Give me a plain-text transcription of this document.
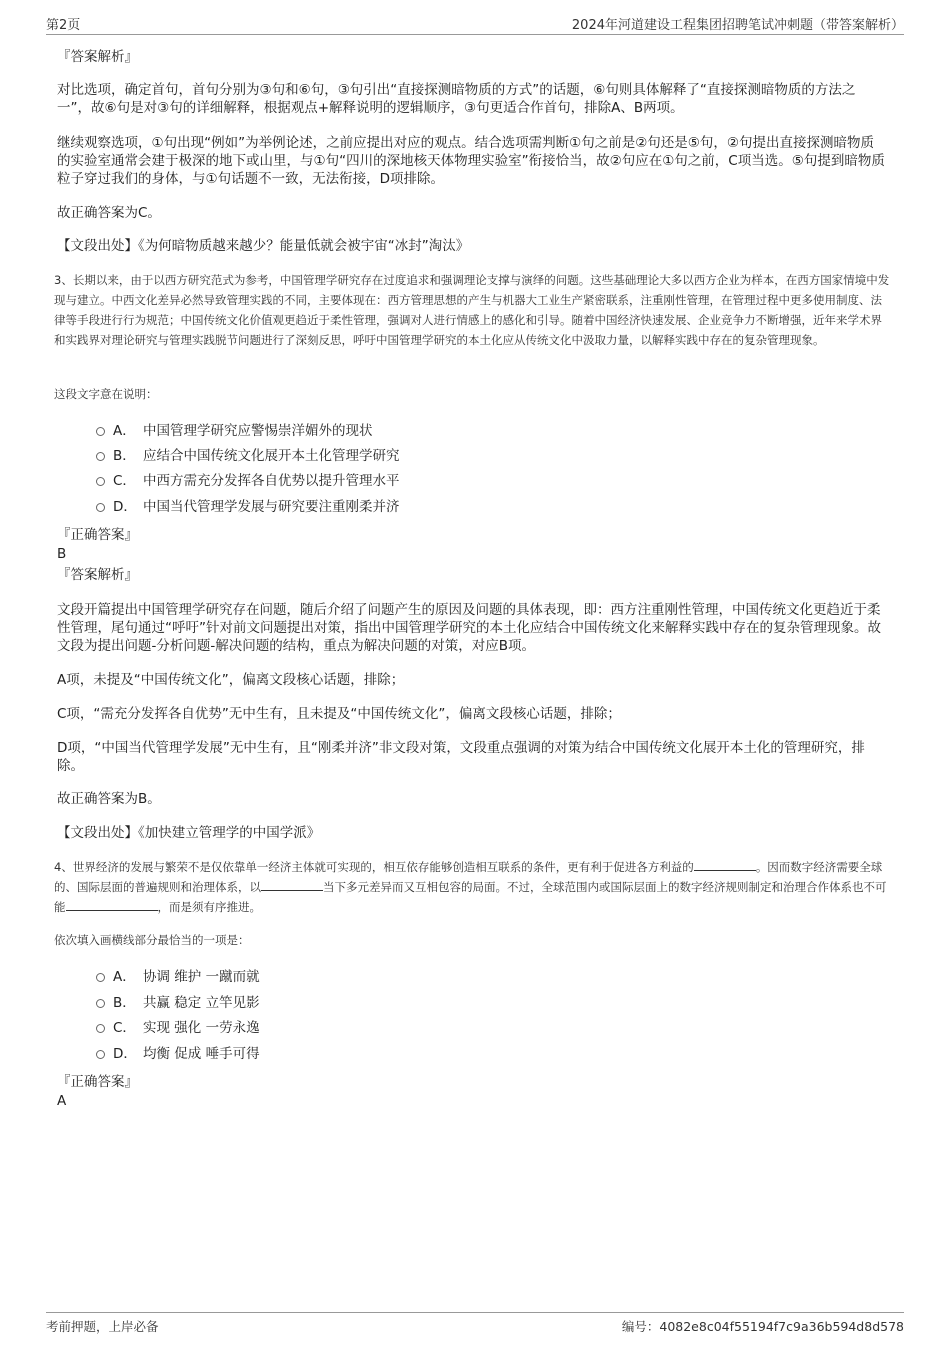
第2页	2024年河道建设工程集团招聘笔试冲刺题（带答案解析）
『答案解析』
对比选项，确定首句，首句分别为③句和⑥句，③句引出“直接探测暗物质的方式”的话题，⑥句则具体解释了“直接探测暗物质的方法之一”，故⑥句是对③句的详细解释，根据观点+解释说明的逻辑顺序，③句更适合作首句，排除A、B两项。
继续观察选项，①句出现“例如”为举例论述，之前应提出对应的观点。结合选项需判断①句之前是②句还是⑤句，②句提出直接探测暗物质的实验室通常会建于极深的地下或山里，与①句“四川的深地核天体物理实验室”衔接恰当，故②句应在①句之前，C项当选。⑤句提到暗物质粒子穿过我们的身体，与①句话题不一致，无法衔接，D项排除。
故正确答案为C。
【文段出处】《为何暗物质越来越少？能量低就会被宇宙“冰封”淘汰》
3、长期以来，由于以西方研究范式为参考，中国管理学研究存在过度追求和强调理论支撑与演绎的问题。这些基础理论大多以西方企业为样本，在西方国家情境中发现与建立。中西文化差异必然导致管理实践的不同，主要体现在：西方管理思想的产生与机器大工业生产紧密联系，注重刚性管理，在管理过程中更多使用制度、法律等手段进行行为规范；中国传统文化价值观更趋近于柔性管理，强调对人进行情感上的感化和引导。随着中国经济快速发展、企业竞争力不断增强，近年来学术界和实践界对理论研究与管理实践脱节问题进行了深刻反思，呼吁中国管理学研究的本土化应从传统文化中汲取力量，以解释实践中存在的复杂管理现象。
这段文字意在说明：
A． 中国管理学研究应警惕崇洋媚外的现状
B． 应结合中国传统文化展开本土化管理学研究
C． 中西方需充分发挥各自优势以提升管理水平
D． 中国当代管理学发展与研究要注重刚柔并济
『正确答案』
B
『答案解析』
文段开篇提出中国管理学研究存在问题，随后介绍了问题产生的原因及问题的具体表现，即：西方注重刚性管理，中国传统文化更趋近于柔性管理，尾句通过“呼吁”针对前文问题提出对策，指出中国管理学研究的本土化应结合中国传统文化来解释实践中存在的复杂管理现象。故文段为提出问题-分析问题-解决问题的结构，重点为解决问题的对策，对应B项。
A项，未提及“中国传统文化”，偏离文段核心话题，排除；
C项，“需充分发挥各自优势”无中生有，且未提及“中国传统文化”，偏离文段核心话题，排除；
D项，“中国当代管理学发展”无中生有，且“刚柔并济”非文段对策，文段重点强调的对策为结合中国传统文化展开本土化的管理研究，排除。
故正确答案为B。
【文段出处】《加快建立管理学的中国学派》
4、世界经济的发展与繁荣不是仅依靠单一经济主体就可实现的，相互依存能够创造相互联系的条件，更有利于促进各方利益的	。因而数字经济需要全球的、国际层面的普遍规则和治理体系，以	当下多元差异而又互相包容的局面。不过，全球范围内或国际层面上的数字经济规则制定和治理合作体系也不可能	，而是须有序推进。
依次填入画横线部分最恰当的一项是：
A． 协调 维护 一蹴而就
B． 共赢 稳定 立竿见影
C． 实现 强化 一劳永逸
D． 均衡 促成 唾手可得
『正确答案』
A
考前押题，上岸必备	编号：4082e8c04f55194f7c9a36b594d8d578
